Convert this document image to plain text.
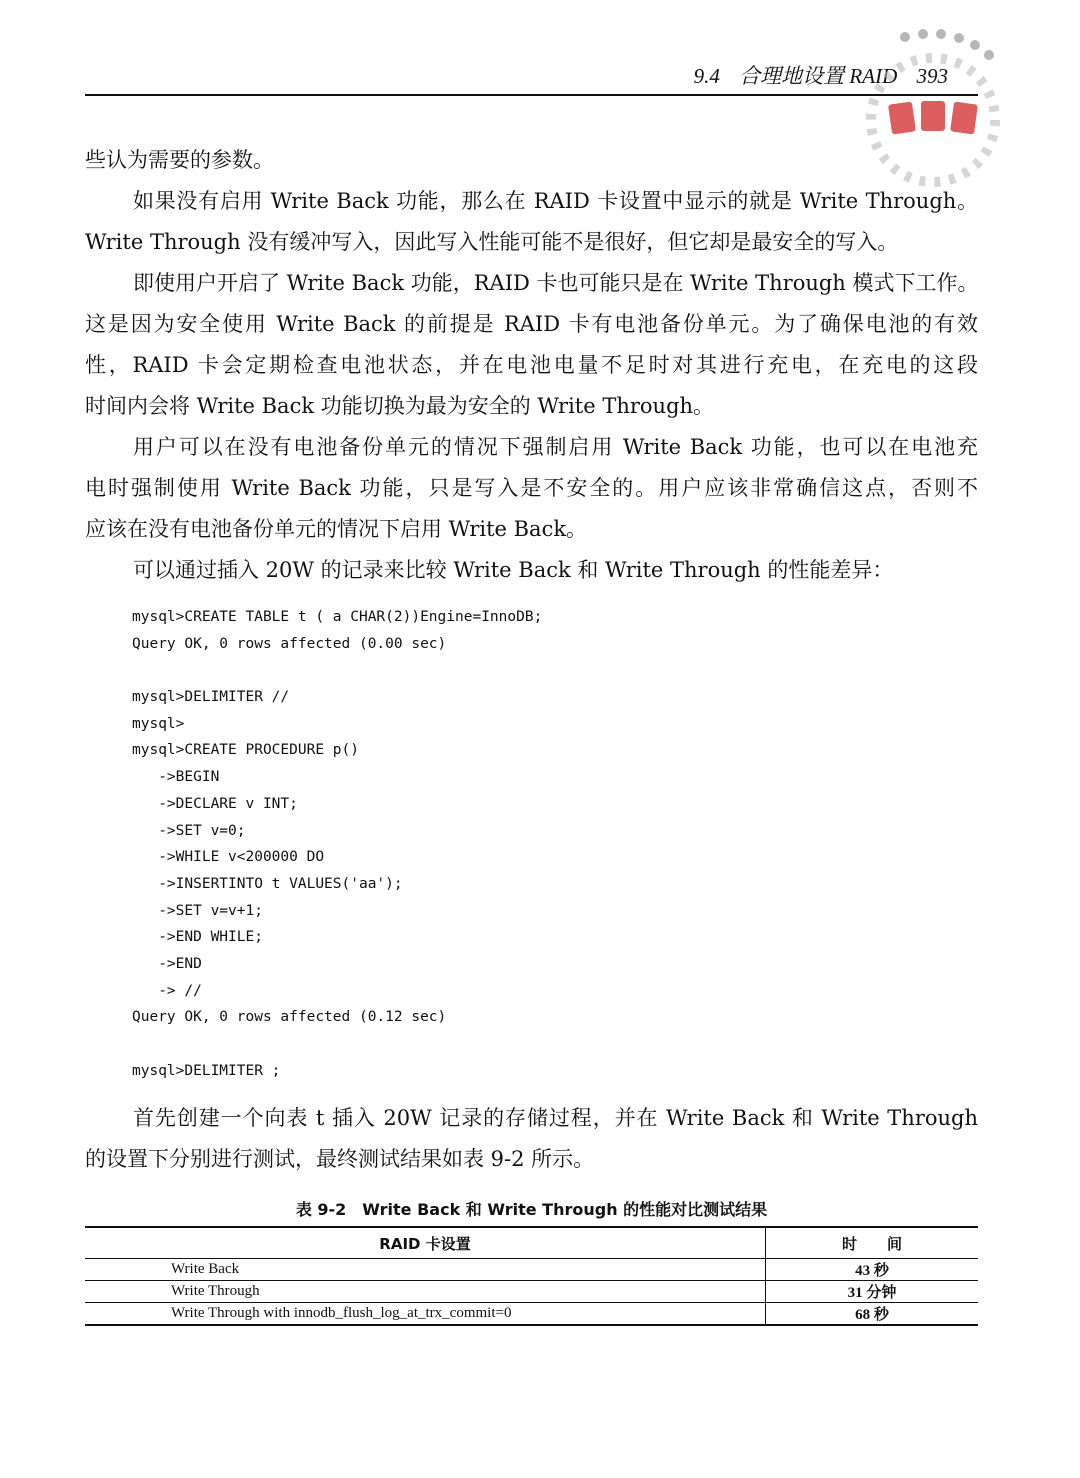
9.4 合理地设置 RAID 393
些认为需要的参数。
如果没有启用 Write Back 功能，那么在 RAID 卡设置中显示的就是 Write Through。
Write Through 没有缓冲写入，因此写入性能可能不是很好，但它却是最安全的写入。
即使用户开启了 Write Back 功能，RAID 卡也可能只是在 Write Through 模式下工作。
这是因为安全使用 Write Back 的前提是 RAID 卡有电池备份单元。为了确保电池的有效
性，RAID 卡会定期检查电池状态，并在电池电量不足时对其进行充电，在充电的这段
时间内会将 Write Back 功能切换为最为安全的 Write Through。
用户可以在没有电池备份单元的情况下强制启用 Write Back 功能，也可以在电池充
电时强制使用 Write Back 功能，只是写入是不安全的。用户应该非常确信这点，否则不
应该在没有电池备份单元的情况下启用 Write Back。
可以通过插入 20W 的记录来比较 Write Back 和 Write Through 的性能差异：
mysql>CREATE TABLE t ( a CHAR(2))Engine=InnoDB;
Query OK, 0 rows affected (0.00 sec)
mysql>DELIMITER //
mysql>
mysql>CREATE PROCEDURE p()
->BEGIN
->DECLARE v INT;
->SET v=0;
->WHILE v<200000 DO
->INSERTINTO t VALUES('aa');
->SET v=v+1;
->END WHILE;
->END
-> //
Query OK, 0 rows affected (0.12 sec)
mysql>DELIMITER ;
首先创建一个向表 t 插入 20W 记录的存储过程，并在 Write Back 和 Write Through
的设置下分别进行测试，最终测试结果如表 9-2 所示。
表 9-2　Write Back 和 Write Through 的性能对比测试结果
RAID 卡设置	时　　间
Write Back	43 秒
Write Through	31 分钟
Write Through with innodb_flush_log_at_trx_commit=0	68 秒
